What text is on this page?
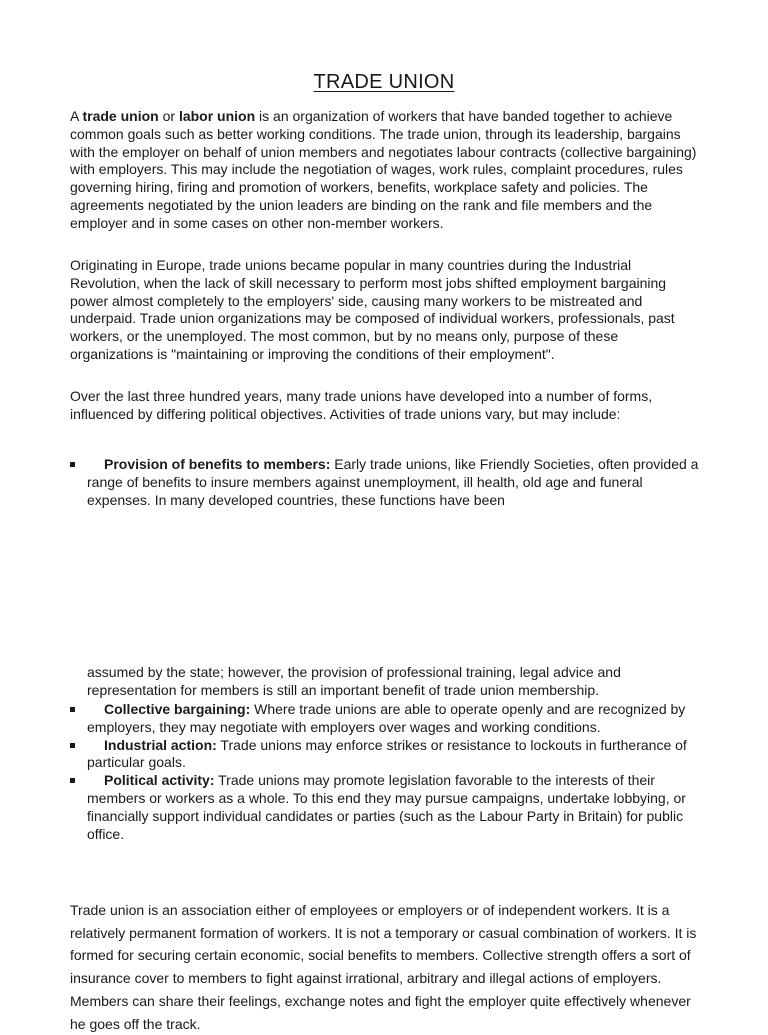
TRADE UNION
A trade union or labor union is an organization of workers that have banded together to achieve common goals such as better working conditions. The trade union, through its leadership, bargains with the employer on behalf of union members and negotiates labour contracts (collective bargaining) with employers. This may include the negotiation of wages, work rules, complaint procedures, rules governing hiring, firing and promotion of workers, benefits, workplace safety and policies. The agreements negotiated by the union leaders are binding on the rank and file members and the employer and in some cases on other non-member workers.
Originating in Europe, trade unions became popular in many countries during the Industrial Revolution, when the lack of skill necessary to perform most jobs shifted employment bargaining power almost completely to the employers' side, causing many workers to be mistreated and underpaid. Trade union organizations may be composed of individual workers, professionals, past workers, or the unemployed. The most common, but by no means only, purpose of these organizations is "maintaining or improving the conditions of their employment".
Over the last three hundred years, many trade unions have developed into a number of forms, influenced by differing political objectives. Activities of trade unions vary, but may include:
Provision of benefits to members: Early trade unions, like Friendly Societies, often provided a range of benefits to insure members against unemployment, ill health, old age and funeral expenses. In many developed countries, these functions have been
assumed by the state; however, the provision of professional training, legal advice and representation for members is still an important benefit of trade union membership.
Collective bargaining: Where trade unions are able to operate openly and are recognized by employers, they may negotiate with employers over wages and working conditions.
Industrial action: Trade unions may enforce strikes or resistance to lockouts in furtherance of particular goals.
Political activity: Trade unions may promote legislation favorable to the interests of their members or workers as a whole. To this end they may pursue campaigns, undertake lobbying, or financially support individual candidates or parties (such as the Labour Party in Britain) for public office.
Trade union is an association either of employees or employers or of independent workers. It is a relatively permanent formation of workers. It is not a temporary or casual combination of workers. It is formed for securing certain economic, social benefits to members. Collective strength offers a sort of insurance cover to members to fight against irrational, arbitrary and illegal actions of employers. Members can share their feelings, exchange notes and fight the employer quite effectively whenever he goes off the track.
